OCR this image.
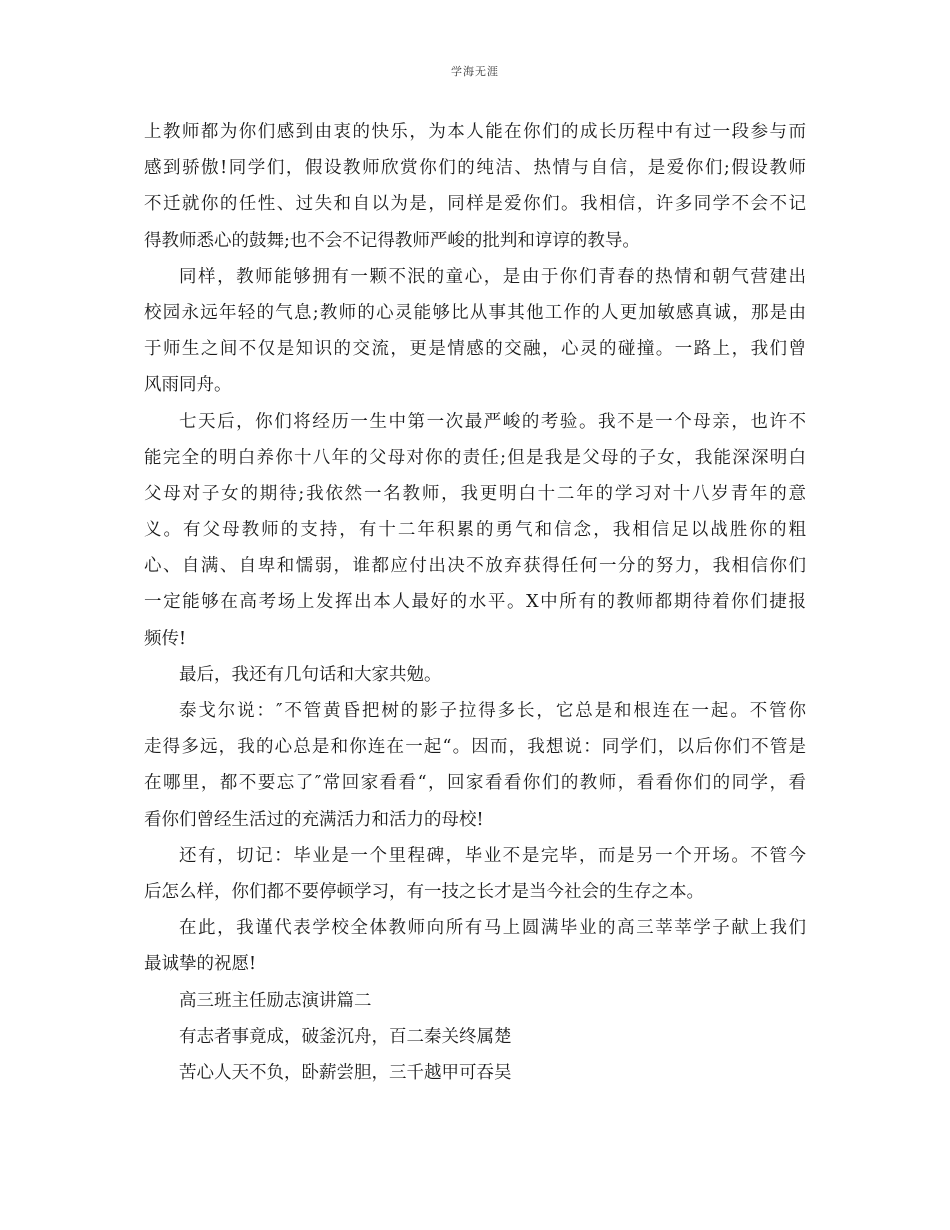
学海无涯
上教师都为你们感到由衷的快乐，为本人能在你们的成长历程中有过一段参与而
感到骄傲!同学们，假设教师欣赏你们的纯洁、热情与自信，是爱你们;假设教师
不迁就你的任性、过失和自以为是，同样是爱你们。我相信，许多同学不会不记
得教师悉心的鼓舞;也不会不记得教师严峻的批判和谆谆的教导。
同样，教师能够拥有一颗不泯的童心，是由于你们青春的热情和朝气营建出
校园永远年轻的气息;教师的心灵能够比从事其他工作的人更加敏感真诚，那是由
于师生之间不仅是知识的交流，更是情感的交融，心灵的碰撞。一路上，我们曾
风雨同舟。
七天后，你们将经历一生中第一次最严峻的考验。我不是一个母亲，也许不
能完全的明白养你十八年的父母对你的责任;但是我是父母的子女，我能深深明白
父母对子女的期待;我依然一名教师，我更明白十二年的学习对十八岁青年的意
义。有父母教师的支持，有十二年积累的勇气和信念，我相信足以战胜你的粗
心、自满、自卑和懦弱，谁都应付出决不放弃获得任何一分的努力，我相信你们
一定能够在高考场上发挥出本人最好的水平。X中所有的教师都期待着你们捷报
频传!
最后，我还有几句话和大家共勉。
泰戈尔说：″不管黄昏把树的影子拉得多长，它总是和根连在一起。不管你
走得多远，我的心总是和你连在一起“。因而，我想说：同学们，以后你们不管是
在哪里，都不要忘了″常回家看看“，回家看看你们的教师，看看你们的同学，看
看你们曾经生活过的充满活力和活力的母校!
还有，切记：毕业是一个里程碑，毕业不是完毕，而是另一个开场。不管今
后怎么样，你们都不要停顿学习，有一技之长才是当今社会的生存之本。
在此，我谨代表学校全体教师向所有马上圆满毕业的高三莘莘学子献上我们
最诚挚的祝愿!
高三班主任励志演讲篇二
有志者事竟成，破釜沉舟，百二秦关终属楚
苦心人天不负，卧薪尝胆，三千越甲可吞吴
